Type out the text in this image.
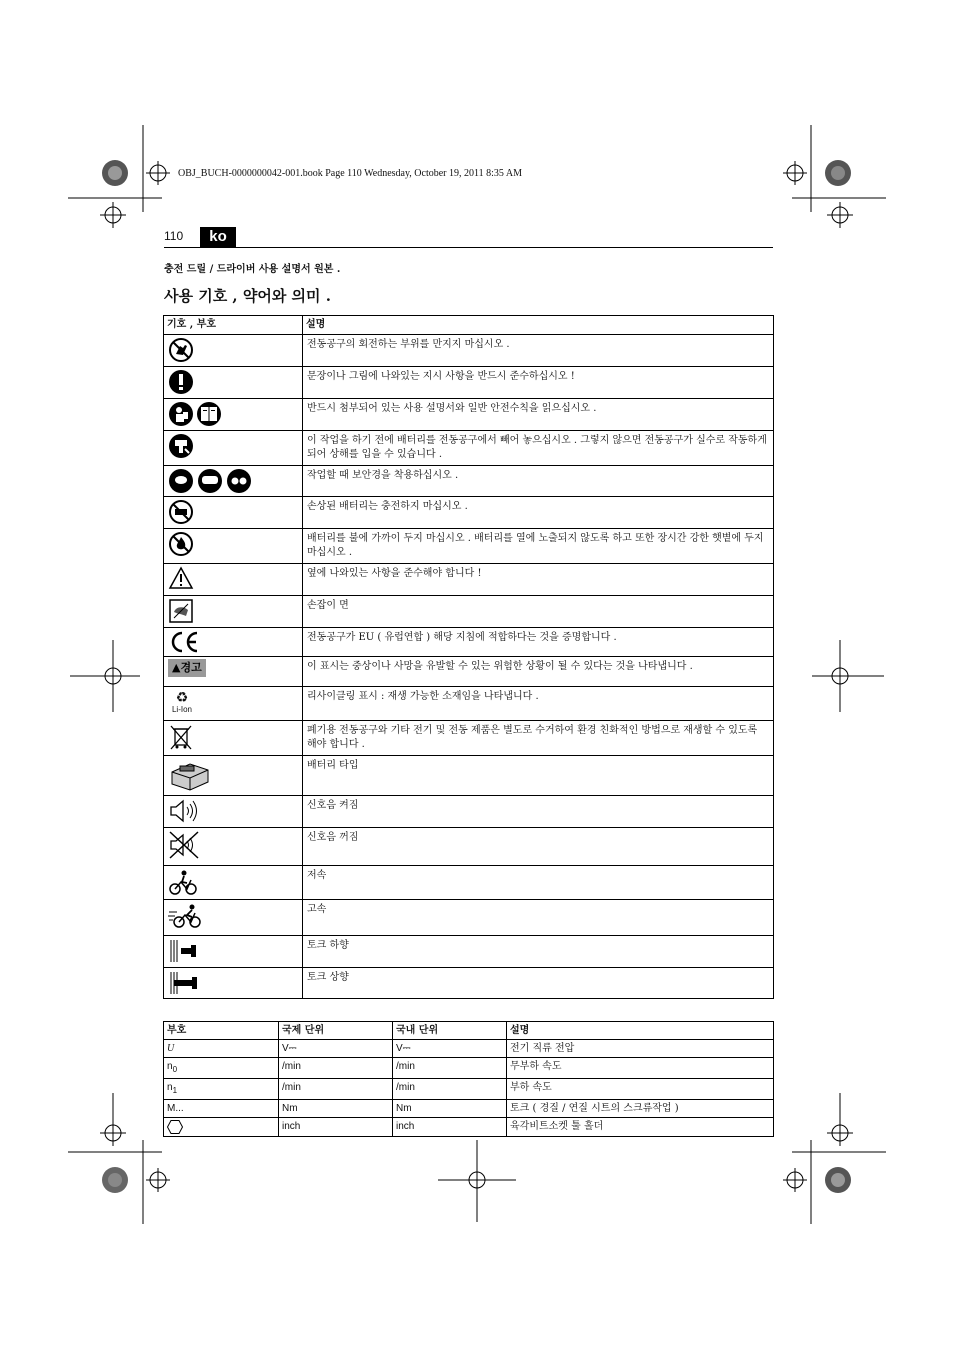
OBJ_BUCH-0000000042-001.book Page 110 Wednesday, October 19, 2011 8:35 AM
110	ko
충전 드릴 / 드라이버 사용 설명서 원본 .
사용 기호 , 약어와 의미 .
기호 , 부호	설명

	전동공구의 회전하는 부위를 만지지 마십시오 .

	문장이나 그림에 나와있는 지시 사항을 반드시 준수하십시오 !

	반드시 첨부되어 있는 사용 설명서와 일반 안전수칙을 읽으십시오 .

	이 작업을 하기 전에 배터리를 전동공구에서 빼어 놓으십시오 . 그렇지 않으면 전동공구가 실수로 작동하게 되어 상해를 입을 수 있습니다 .

	작업할 때 보안경을 착용하십시오 .

	손상된 배터리는 충전하지 마십시오 .

	배터리를 불에 가까이 두지 마십시오 . 배터리를 열에 노출되지 않도록 하고 또한 장시간 강한 햇볕에 두지 마십시오 .

	옆에 나와있는 사항을 준수해야 합니다 !

	손잡이 면

	전동공구가 EU ( 유럽연합 ) 해당 지침에 적합하다는 것을 증명합니다 .
▲경고	이 표시는 중상이나 사망을 유발할 수 있는 위험한 상황이 될 수 있다는 것을 나타냅니다 .

♻
Li-Ion	리사이클링 표시 : 재생 가능한 소재임을 나타냅니다 .

	폐기용 전동공구와 기타 전기 및 전동 제품은 별도로 수거하여 환경 친화적인 방법으로 재생할 수 있도록 해야 합니다 .

	배터리 타입

	신호음 켜짐

	신호음 꺼짐

	저속

	고속

	토크 하향

	토크 상향
부호	국제 단위	국내 단위	설명
U	V⎓	V⎓	전기 직류 전압
$n_0$	/min	/min	무부하 속도
$n_1$	/min	/min	부하 속도
M...	Nm	Nm	토크 ( 경질 / 연질 시트의 스크류작업 )

	inch	inch	육각비트소켓 툴 홀더
